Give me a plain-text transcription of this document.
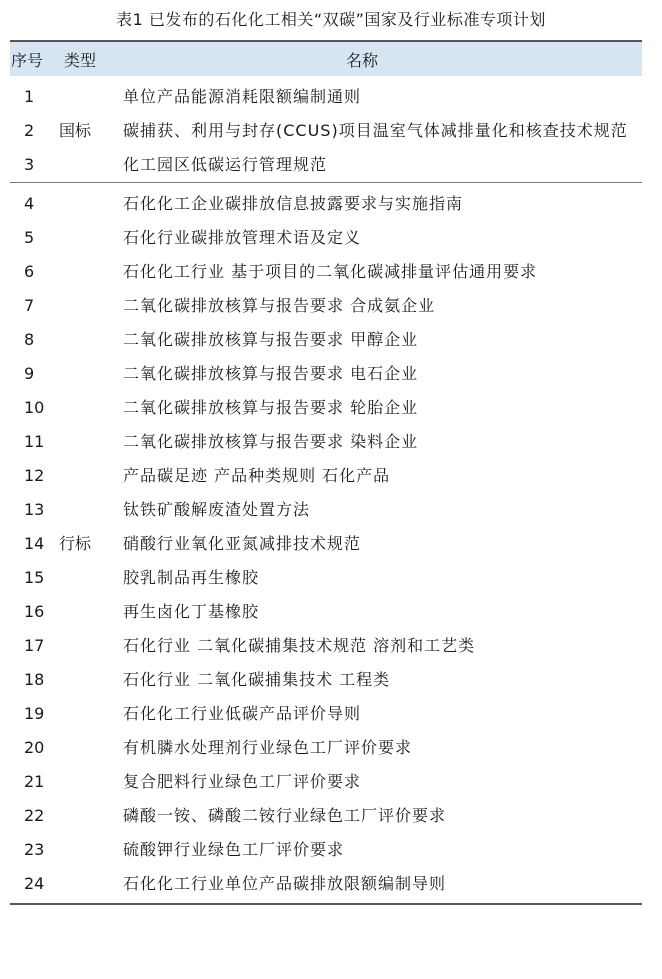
表1 已发布的石化化工相关“双碳”国家及行业标准专项计划
序号	类型	名称
1		单位产品能源消耗限额编制通则
2	国标	碳捕获、利用与封存(CCUS)项目温室气体减排量化和核查技术规范
3		化工园区低碳运行管理规范
4		石化化工企业碳排放信息披露要求与实施指南
5		石化行业碳排放管理术语及定义
6		石化化工行业 基于项目的二氧化碳减排量评估通用要求
7		二氧化碳排放核算与报告要求 合成氨企业
8		二氧化碳排放核算与报告要求 甲醇企业
9		二氧化碳排放核算与报告要求 电石企业
10		二氧化碳排放核算与报告要求 轮胎企业
11		二氧化碳排放核算与报告要求 染料企业
12		产品碳足迹 产品种类规则 石化产品
13		钛铁矿酸解废渣处置方法
14	行标	硝酸行业氧化亚氮减排技术规范
15		胶乳制品再生橡胶
16		再生卤化丁基橡胶
17		石化行业 二氧化碳捕集技术规范 溶剂和工艺类
18		石化行业 二氧化碳捕集技术 工程类
19		石化化工行业低碳产品评价导则
20		有机膦水处理剂行业绿色工厂评价要求
21		复合肥料行业绿色工厂评价要求
22		磷酸一铵、磷酸二铵行业绿色工厂评价要求
23		硫酸钾行业绿色工厂评价要求
24		石化化工行业单位产品碳排放限额编制导则
